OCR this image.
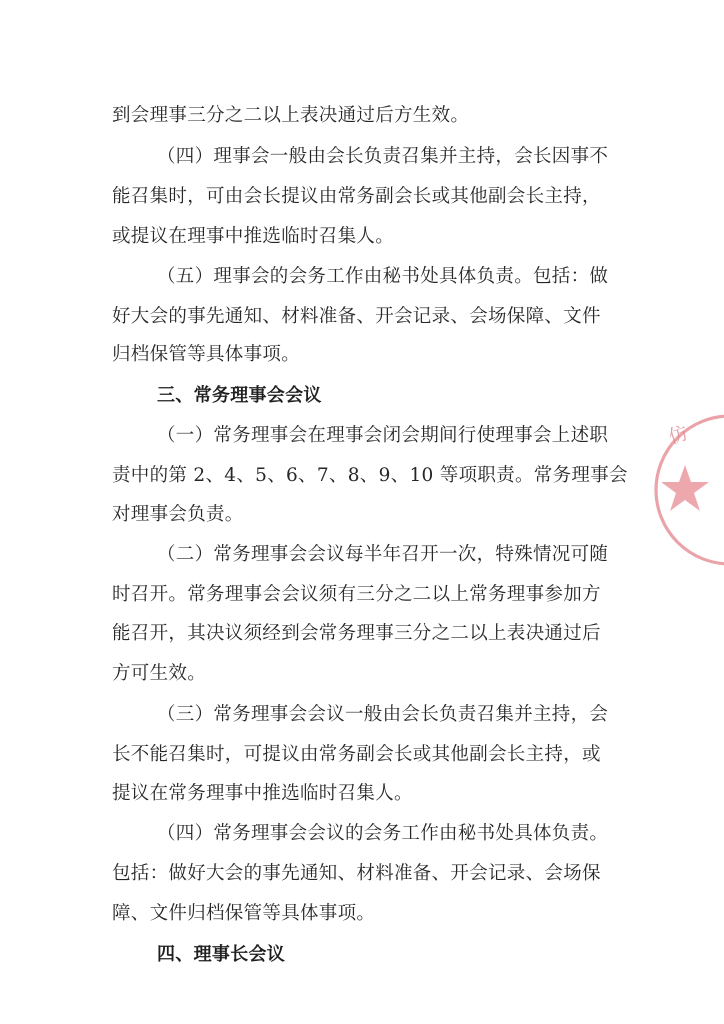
到会理事三分之二以上表决通过后方生效。
（四）理事会一般由会长负责召集并主持，会长因事不
能召集时，可由会长提议由常务副会长或其他副会长主持，
或提议在理事中推选临时召集人。
（五）理事会的会务工作由秘书处具体负责。包括：做
好大会的事先通知、材料准备、开会记录、会场保障、文件
归档保管等具体事项。
三、常务理事会会议
（一）常务理事会在理事会闭会期间行使理事会上述职
责中的第 2、4、5、6、7、8、9、10 等项职责。常务理事会
对理事会负责。
（二）常务理事会会议每半年召开一次，特殊情况可随
时召开。常务理事会会议须有三分之二以上常务理事参加方
能召开，其决议须经到会常务理事三分之二以上表决通过后
方可生效。
（三）常务理事会会议一般由会长负责召集并主持，会
长不能召集时，可提议由常务副会长或其他副会长主持，或
提议在常务理事中推选临时召集人。
（四）常务理事会会议的会务工作由秘书处具体负责。
包括：做好大会的事先通知、材料准备、开会记录、会场保
障、文件归档保管等具体事项。
四、理事长会议
仿
